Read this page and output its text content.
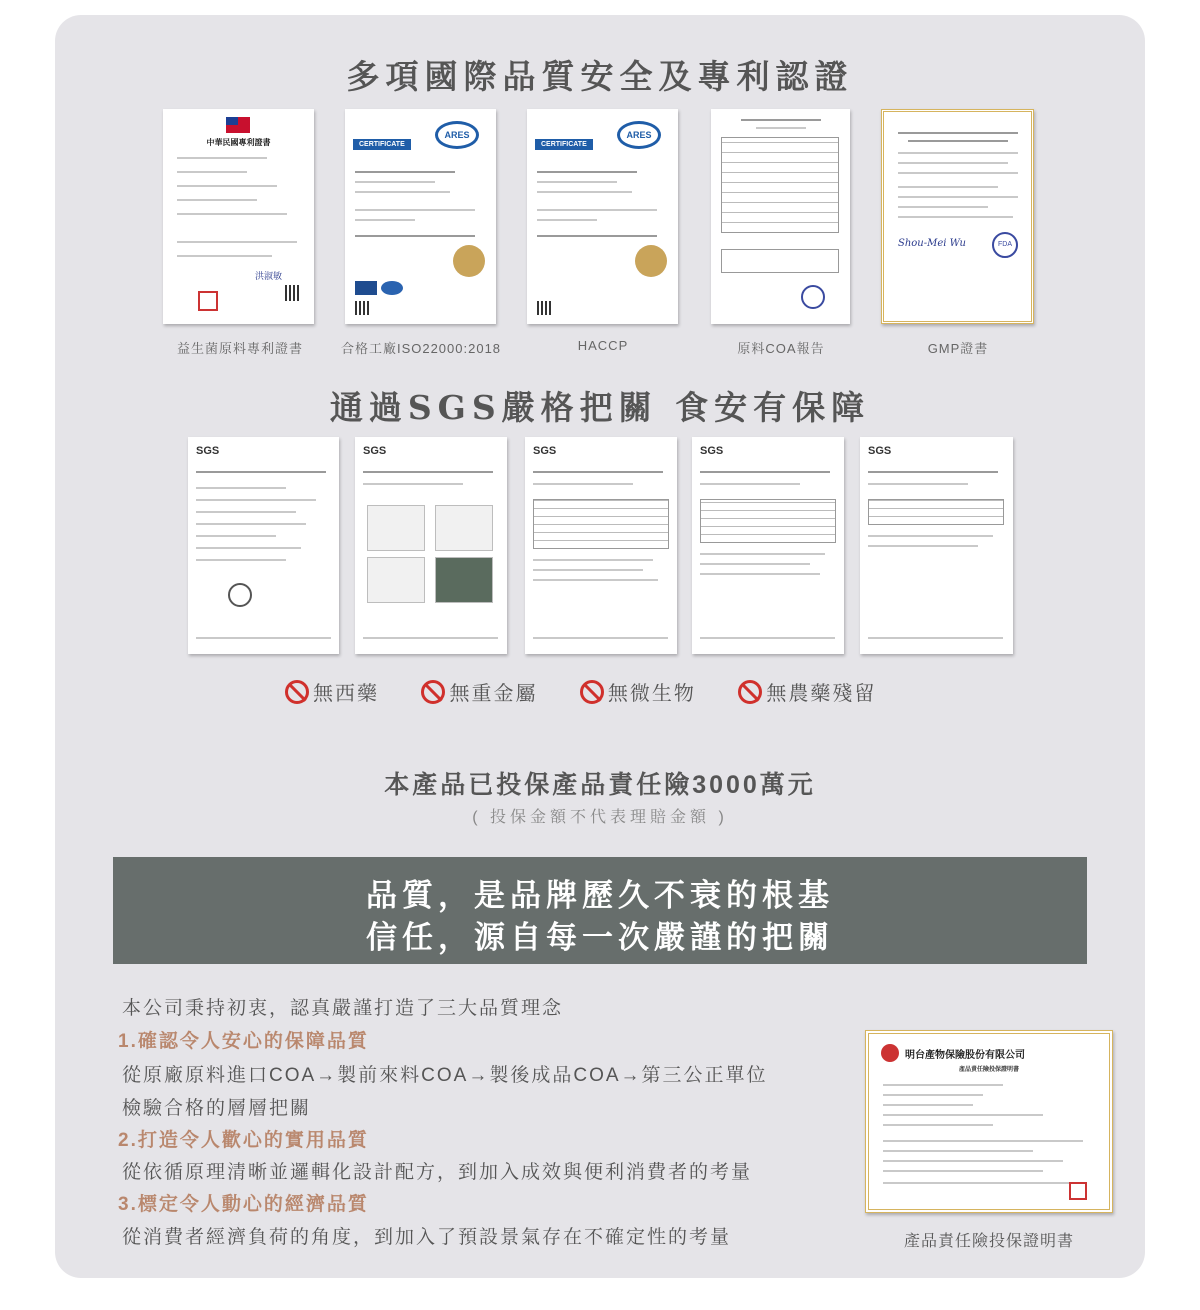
多項國際品質安全及專利認證
中華民國專利證書
洪淑敏
益生菌原料專利證書
CERTIFICATE
ARES
合格工廠ISO22000:2018
CERTIFICATE
ARES
HACCP	原料COA報告
Shou-Mei Wu	FDA
GMP證書
通過SGS嚴格把關 食安有保障
SGS	SGS	SGS	SGS	SGS
無西藥
	無重金屬
	無微生物
	無農藥殘留
本產品已投保產品責任險3000萬元
( 投保金額不代表理賠金額 )
品質，是品牌歷久不衰的根基
信任，源自每一次嚴謹的把關
本公司秉持初衷，認真嚴謹打造了三大品質理念
1.確認令人安心的保障品質
從原廠原料進口COA→製前來料COA→製後成品COA→第三公正單位
檢驗合格的層層把關
2.打造令人歡心的實用品質
從依循原理清晰並邏輯化設計配方，到加入成效與便利消費者的考量
3.標定令人動心的經濟品質
從消費者經濟負荷的角度，到加入了預設景氣存在不確定性的考量
明台產物保險股份有限公司
產品責任險投保證明書
產品責任險投保證明書
